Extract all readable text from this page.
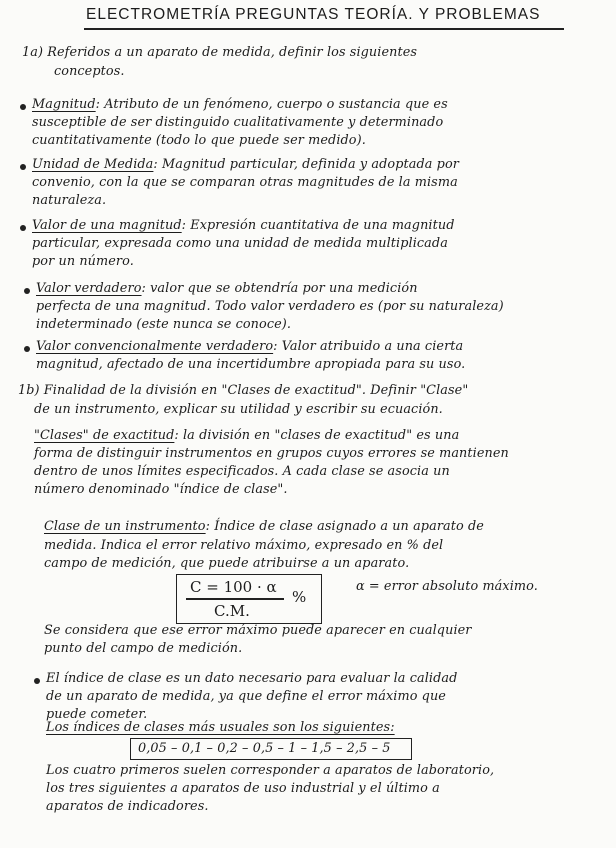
ELECTROMETRÍA PREGUNTAS TEORÍA. Y PROBLEMAS
1a) Referidos a un aparato de medida, definir los siguientes
conceptos.
Magnitud: Atributo de un fenómeno, cuerpo o sustancia que es
susceptible de ser distinguido cualitativamente y determinado
cuantitativamente (todo lo que puede ser medido).
Unidad de Medida: Magnitud particular, definida y adoptada por
convenio, con la que se comparan otras magnitudes de la misma
naturaleza.
Valor de una magnitud: Expresión cuantitativa de una magnitud
particular, expresada como una unidad de medida multiplicada
por un número.
Valor verdadero: valor que se obtendría por una medición
perfecta de una magnitud. Todo valor verdadero es (por su naturaleza)
indeterminado (este nunca se conoce).
Valor convencionalmente verdadero: Valor atribuido a una cierta
magnitud, afectado de una incertidumbre apropiada para su uso.
1b) Finalidad de la división en "Clases de exactitud". Definir "Clase"
de un instrumento, explicar su utilidad y escribir su ecuación.
"Clases" de exactitud: la división en "clases de exactitud" es una
forma de distinguir instrumentos en grupos cuyos errores se mantienen
dentro de unos límites especificados. A cada clase se asocia un
número denominado "índice de clase".
Clase de un instrumento: Índice de clase asignado a un aparato de
medida. Indica el error relativo máximo, expresado en % del
campo de medición, que puede atribuirse a un aparato.
C = 100 · α
C.M.
%
α = error absoluto máximo.
Se considera que ese error máximo puede aparecer en cualquier
punto del campo de medición.
El índice de clase es un dato necesario para evaluar la calidad
de un aparato de medida, ya que define el error máximo que
puede cometer.
Los índices de clases más usuales son los siguientes:
0,05 – 0,1 – 0,2 – 0,5 – 1 – 1,5 – 2,5 – 5
Los cuatro primeros suelen corresponder a aparatos de laboratorio,
los tres siguientes a aparatos de uso industrial y el último a
aparatos de indicadores.
